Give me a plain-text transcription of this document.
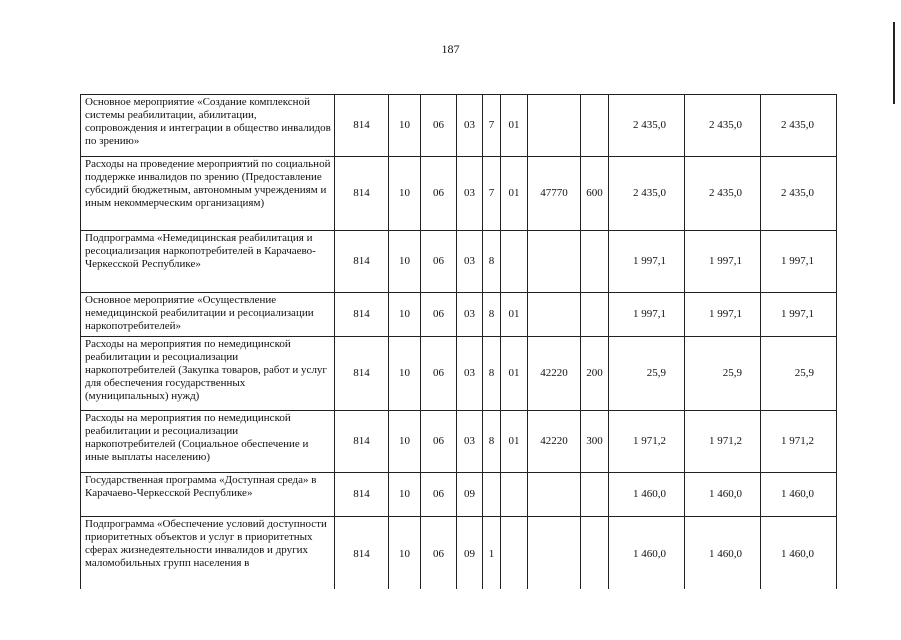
187
Основное мероприятие «Создание комплексной системы реабилитации, абилитации, сопровождения и интеграции в общество инвалидов по зрению»	814	10	06	03	7	01			2 435,0	2 435,0	2 435,0
Расходы на проведение мероприятий по социальной поддержке инвалидов по зрению (Предоставление субсидий бюджетным, автономным учреждениям и иным некоммерческим организациям)	814	10	06	03	7	01	47770	600	2 435,0	2 435,0	2 435,0
Подпрограмма «Немедицинская реабилитация и ресоциализация наркопотребителей в Карачаево-Черкесской Республике»	814	10	06	03	8				1 997,1	1 997,1	1 997,1
Основное мероприятие «Осуществление немедицинской реабилитации и ресоциализации наркопотребителей»	814	10	06	03	8	01			1 997,1	1 997,1	1 997,1
Расходы на мероприятия по немедицинской реабилитации и ресоциализации наркопотребителей (Закупка товаров, работ и услуг для обеспечения государственных (муниципальных) нужд)	814	10	06	03	8	01	42220	200	25,9	25,9	25,9
Расходы на мероприятия по немедицинской реабилитации и ресоциализации наркопотребителей (Социальное обеспечение и иные выплаты населению)	814	10	06	03	8	01	42220	300	1 971,2	1 971,2	1 971,2
Государственная программа «Доступная среда» в Карачаево-Черкесской Республике»	814	10	06	09					1 460,0	1 460,0	1 460,0
Подпрограмма «Обеспечение условий доступности приоритетных объектов и услуг в приоритетных сферах жизнедеятельности инвалидов и других маломобильных групп населения в	814	10	06	09	1				1 460,0	1 460,0	1 460,0
